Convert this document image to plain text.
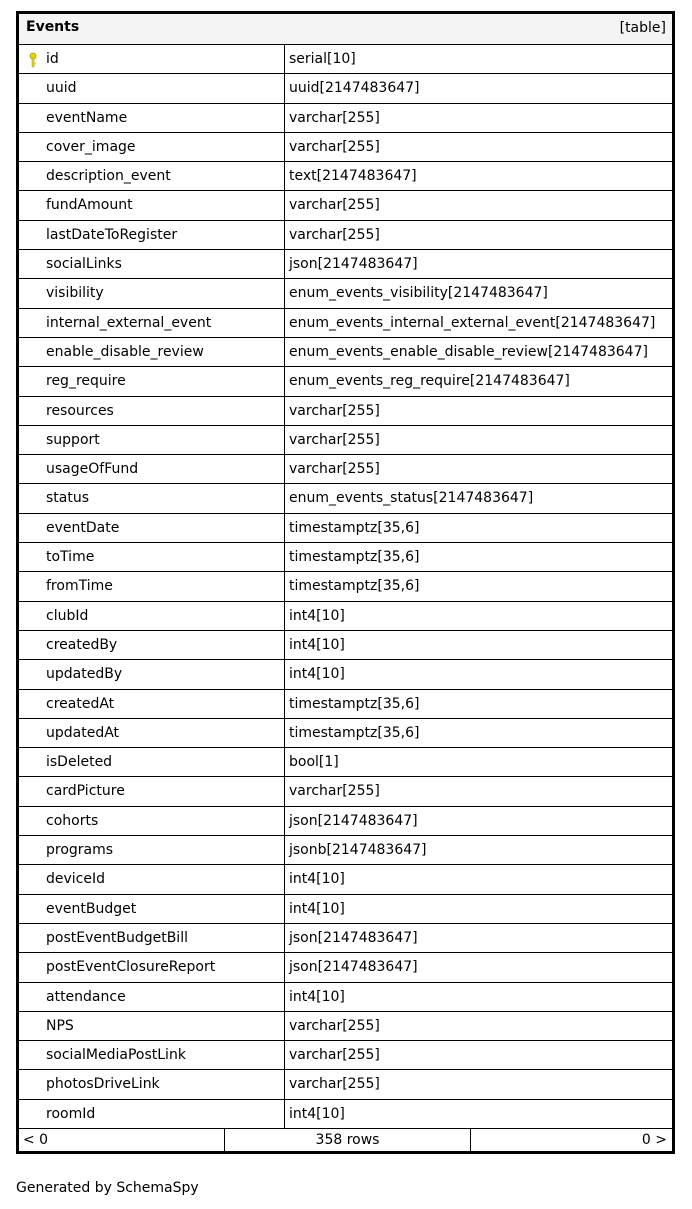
Events	[table]
id	serial[10]
uuid	uuid[2147483647]
eventName	varchar[255]
cover_image	varchar[255]
description_event	text[2147483647]
fundAmount	varchar[255]
lastDateToRegister	varchar[255]
socialLinks	json[2147483647]
visibility	enum_events_visibility[2147483647]
internal_external_event	enum_events_internal_external_event[2147483647]
enable_disable_review	enum_events_enable_disable_review[2147483647]
reg_require	enum_events_reg_require[2147483647]
resources	varchar[255]
support	varchar[255]
usageOfFund	varchar[255]
status	enum_events_status[2147483647]
eventDate	timestamptz[35,6]
toTime	timestamptz[35,6]
fromTime	timestamptz[35,6]
clubId	int4[10]
createdBy	int4[10]
updatedBy	int4[10]
createdAt	timestamptz[35,6]
updatedAt	timestamptz[35,6]
isDeleted	bool[1]
cardPicture	varchar[255]
cohorts	json[2147483647]
programs	jsonb[2147483647]
deviceId	int4[10]
eventBudget	int4[10]
postEventBudgetBill	json[2147483647]
postEventClosureReport	json[2147483647]
attendance	int4[10]
NPS	varchar[255]
socialMediaPostLink	varchar[255]
photosDriveLink	varchar[255]
roomId	int4[10]
< 0	358 rows	0 >
Generated by SchemaSpy
